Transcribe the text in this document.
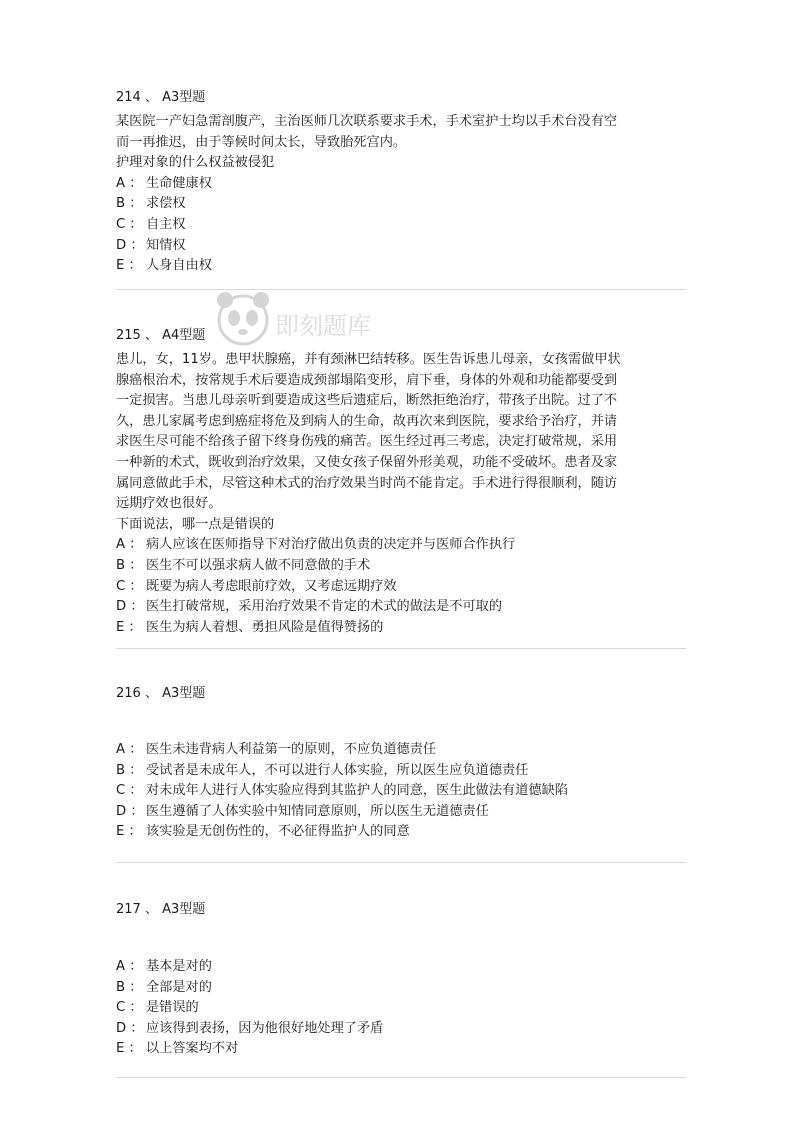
214 、 A3型题
某医院一产妇急需剖腹产，主治医师几次联系要求手术，手术室护士均以手术台没有空
而一再推迟，由于等候时间太长，导致胎死宫内。
护理对象的什么权益被侵犯
A ： 生命健康权
B ： 求偿权
C ： 自主权
D ： 知情权
E ： 人身自由权
215 、 A4型题
患儿，女，11岁。患甲状腺癌，并有颈淋巴结转移。医生告诉患儿母亲，女孩需做甲状
腺癌根治术，按常规手术后要造成颈部塌陷变形，肩下垂，身体的外观和功能都要受到
一定损害。当患儿母亲听到要造成这些后遗症后，断然拒绝治疗，带孩子出院。过了不
久，患儿家属考虑到癌症将危及到病人的生命，故再次来到医院，要求给予治疗，并请
求医生尽可能不给孩子留下终身伤残的痛苦。医生经过再三考虑，决定打破常规，采用
一种新的术式，既收到治疗效果，又使女孩子保留外形美观，功能不受破坏。患者及家
属同意做此手术，尽管这种术式的治疗效果当时尚不能肯定。手术进行得很顺利，随访
远期疗效也很好。
下面说法，哪一点是错误的
A ： 病人应该在医师指导下对治疗做出负责的决定并与医师合作执行
B ： 医生不可以强求病人做不同意做的手术
C ： 既要为病人考虑眼前疗效，又考虑远期疗效
D ： 医生打破常规，采用治疗效果不肯定的术式的做法是不可取的
E ： 医生为病人着想、勇担风险是值得赞扬的
216 、 A3型题
A ： 医生未违背病人利益第一的原则，不应负道德责任
B ： 受试者是未成年人，不可以进行人体实验，所以医生应负道德责任
C ： 对未成年人进行人体实验应得到其监护人的同意，医生此做法有道德缺陷
D ： 医生遵循了人体实验中知情同意原则，所以医生无道德责任
E ： 该实验是无创伤性的，不必征得监护人的同意
217 、 A3型题
A ： 基本是对的
B ： 全部是对的
C ： 是错误的
D ： 应该得到表扬，因为他很好地处理了矛盾
E ： 以上答案均不对
即刻题库
